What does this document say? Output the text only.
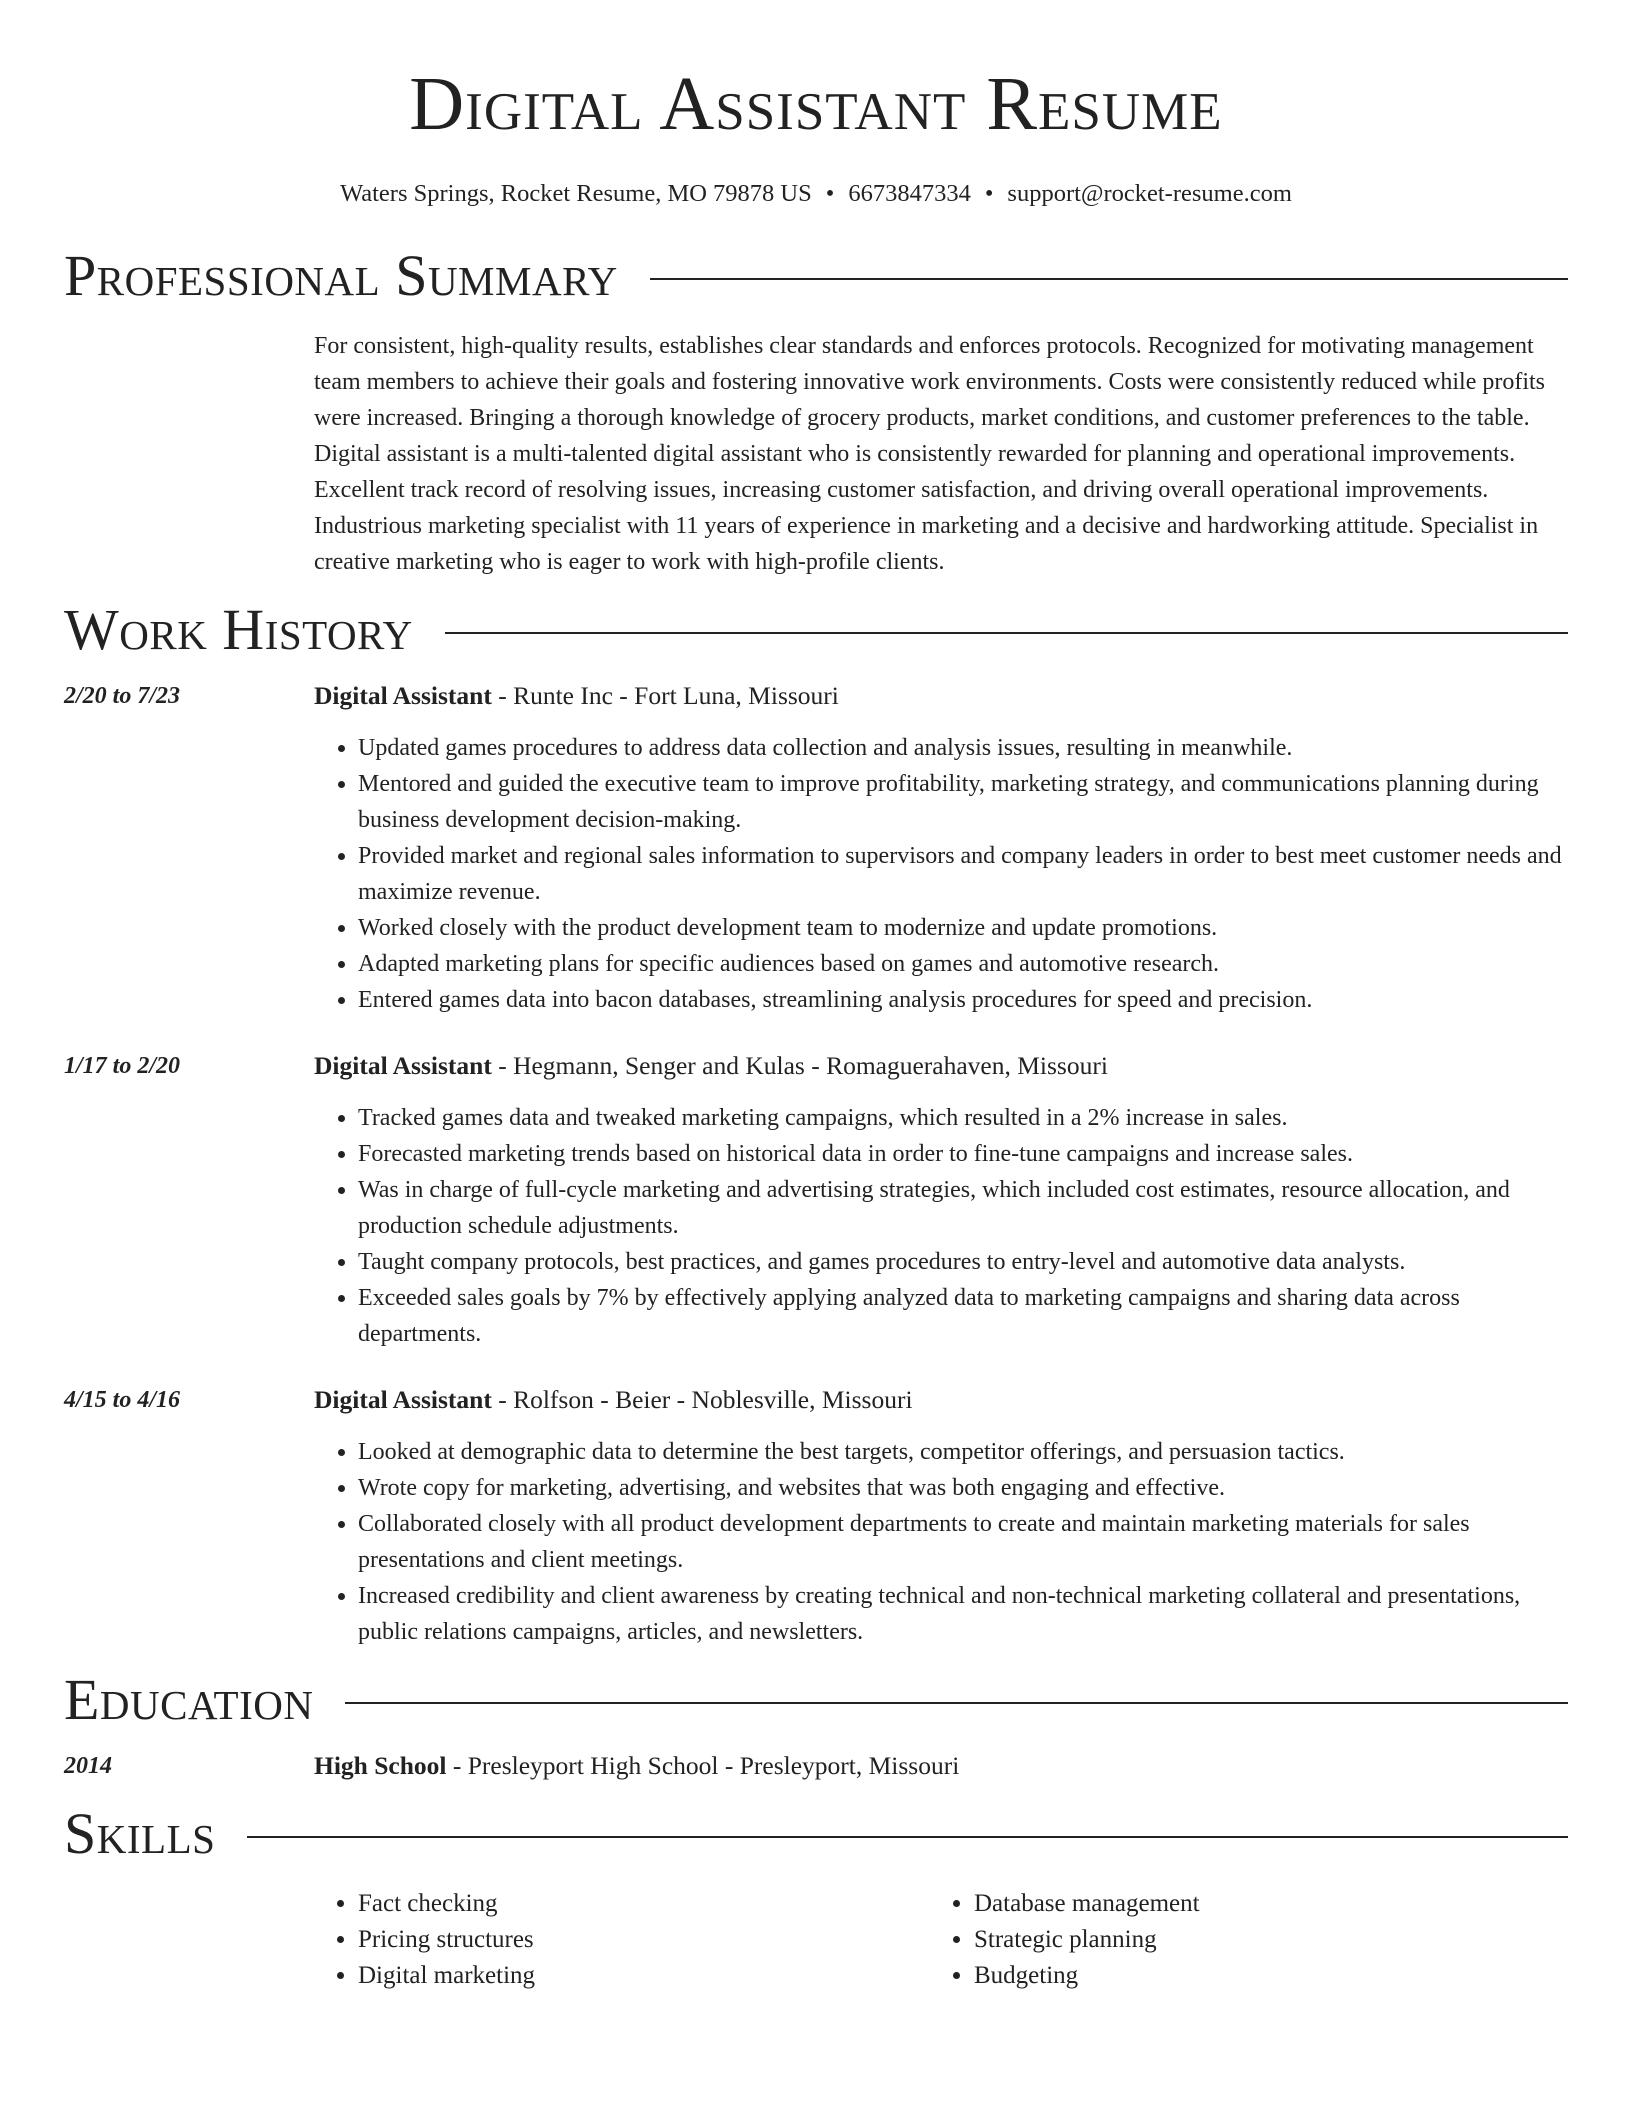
Digital Assistant Resume
Waters Springs, Rocket Resume, MO 79878 US • 6673847334 • support@rocket-resume.com
Professional Summary
For consistent, high-quality results, establishes clear standards and enforces protocols. Recognized for motivating management team members to achieve their goals and fostering innovative work environments. Costs were consistently reduced while profits were increased. Bringing a thorough knowledge of grocery products, market conditions, and customer preferences to the table. Digital assistant is a multi-talented digital assistant who is consistently rewarded for planning and operational improvements. Excellent track record of resolving issues, increasing customer satisfaction, and driving overall operational improvements. Industrious marketing specialist with 11 years of experience in marketing and a decisive and hardworking attitude. Specialist in creative marketing who is eager to work with high-profile clients.
Work History
2/20 to 7/23	Digital Assistant - Runte Inc - Fort Luna, Missouri
• Updated games procedures to address data collection and analysis issues, resulting in meanwhile.
• Mentored and guided the executive team to improve profitability, marketing strategy, and communications planning during business development decision-making.
• Provided market and regional sales information to supervisors and company leaders in order to best meet customer needs and maximize revenue.
• Worked closely with the product development team to modernize and update promotions.
• Adapted marketing plans for specific audiences based on games and automotive research.
• Entered games data into bacon databases, streamlining analysis procedures for speed and precision.
1/17 to 2/20	Digital Assistant - Hegmann, Senger and Kulas - Romaguerahaven, Missouri
• Tracked games data and tweaked marketing campaigns, which resulted in a 2% increase in sales.
• Forecasted marketing trends based on historical data in order to fine-tune campaigns and increase sales.
• Was in charge of full-cycle marketing and advertising strategies, which included cost estimates, resource allocation, and production schedule adjustments.
• Taught company protocols, best practices, and games procedures to entry-level and automotive data analysts.
• Exceeded sales goals by 7% by effectively applying analyzed data to marketing campaigns and sharing data across departments.
4/15 to 4/16	Digital Assistant - Rolfson - Beier - Noblesville, Missouri
• Looked at demographic data to determine the best targets, competitor offerings, and persuasion tactics.
• Wrote copy for marketing, advertising, and websites that was both engaging and effective.
• Collaborated closely with all product development departments to create and maintain marketing materials for sales presentations and client meetings.
• Increased credibility and client awareness by creating technical and non-technical marketing collateral and presentations, public relations campaigns, articles, and newsletters.
Education
2014	High School - Presleyport High School - Presleyport, Missouri
Skills
• Fact checking
• Pricing structures
• Digital marketing
• Database management
• Strategic planning
• Budgeting
